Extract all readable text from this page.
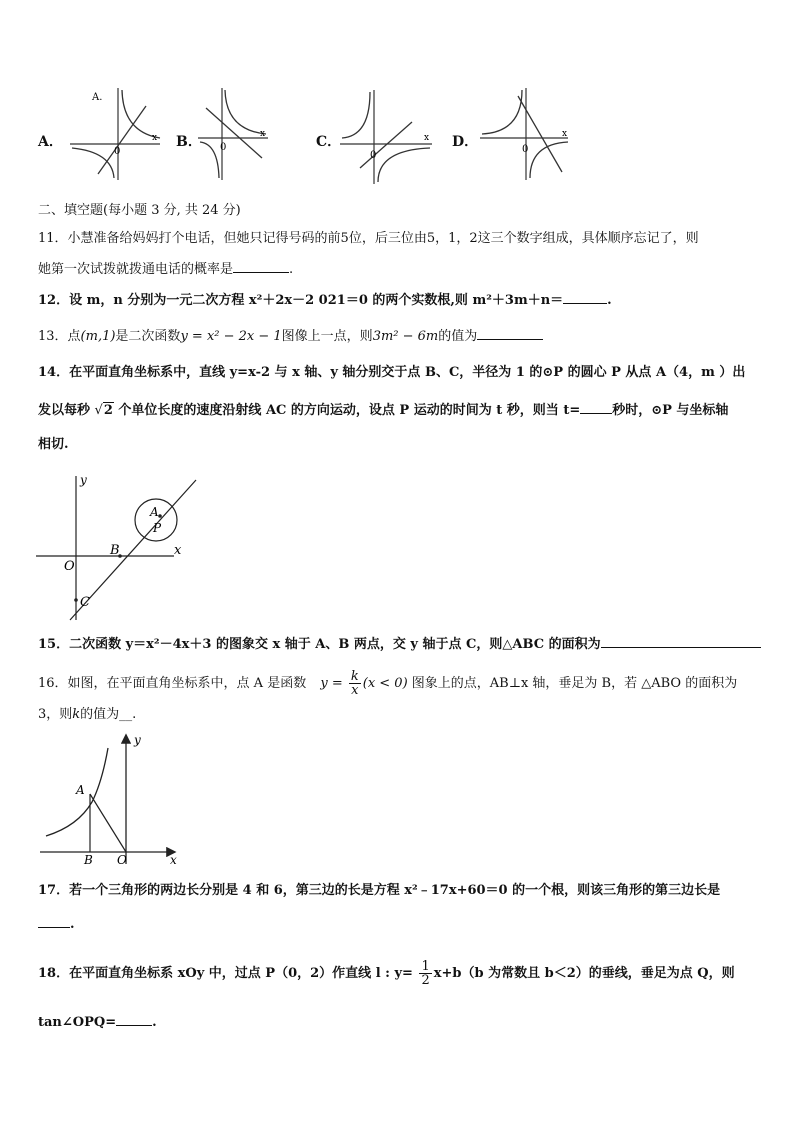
A．
A.
0
x B． 0
x	C．
0
x D．	0
x
二、填空题(每小题 3 分, 共 24 分)
11．小慧准备给妈妈打个电话，但她只记得号码的前5位，后三位由5，1，2这三个数字组成，具体顺序忘记了，则
她第一次试拨就拨通电话的概率是	.
12．设 m，n 分别为一元二次方程 x²＋2x－2 021＝0 的两个实数根,则 m²＋3m＋n＝	.
13．点(m,1)是二次函数y = x² − 2x − 1图像上一点，则3m² − 6m的值为
14．在平面直角坐标系中，直线 y=x-2 与 x 轴、y 轴分别交于点 B、C，半径为 1 的⊙P 的圆心 P 从点 A（4，m ）出
发以每秒 √2 个单位长度的速度沿射线 AC 的方向运动，设点 P 运动的时间为 t 秒，则当 t= 秒时，⊙P 与坐标轴
相切.
y
x
O
B
C
A
P
15．二次函数 y＝x²－4x＋3 的图象交 x 轴于 A、B 两点，交 y 轴于点 C，则△ABC 的面积为
16．如图，在平面直角坐标系中，点 A 是函数 $y = \frac{k}{x} (x < 0)$ 图象上的点，AB⊥x 轴，垂足为 B，若 △ABO 的面积为
3，则k的值为__.
y
x
A
B O
17．若一个三角形的两边长分别是 4 和 6，第三边的长是方程 x²﹣17x+60＝0 的一个根，则该三角形的第三边长是
.
18．在平面直角坐标系 xOy 中，过点 P（0，2）作直线 l : $y= \frac{1}{2} x+b(b$ 为常数且 b＜2）的垂线，垂足为点 Q，则
tan∠OPQ=	.
